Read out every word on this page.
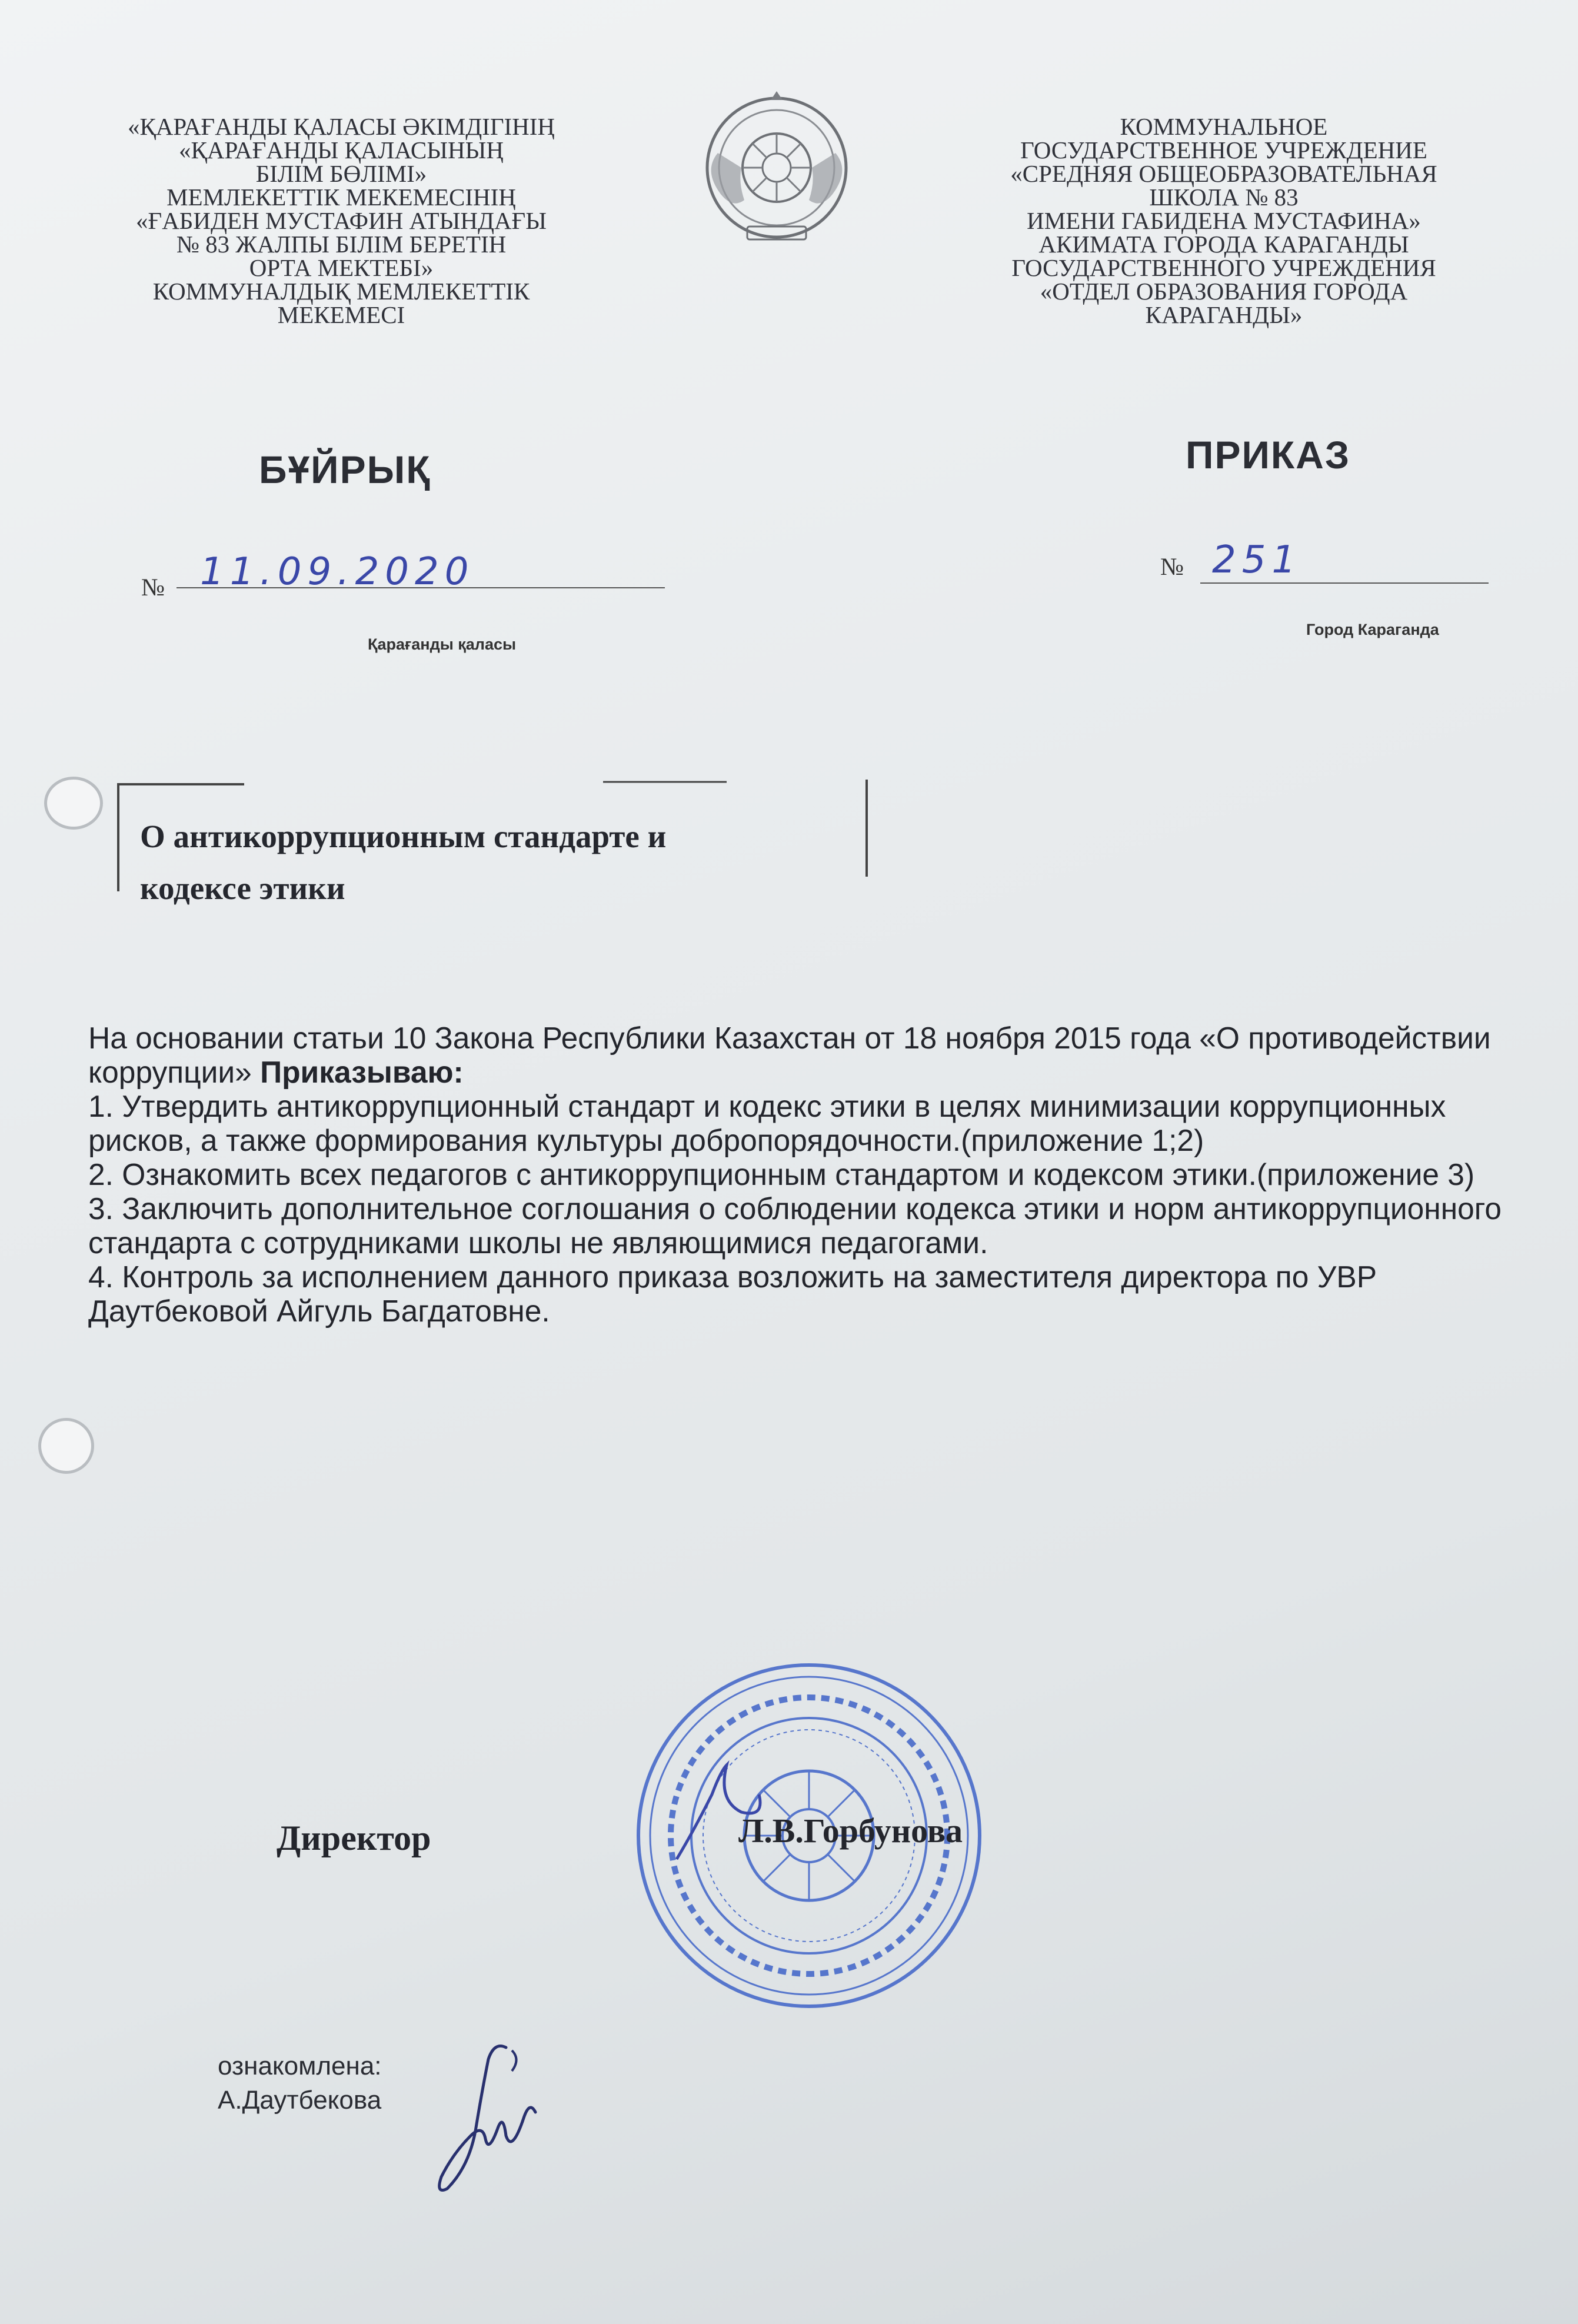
«ҚАРАҒАНДЫ ҚАЛАСЫ ӘКІМДІГІНІҢ
«ҚАРАҒАНДЫ ҚАЛАСЫНЫҢ
БІЛІМ БӨЛІМІ»
МЕМЛЕКЕТТІК МЕКЕМЕСІНІҢ
«ҒАБИДЕН МУСТАФИН АТЫНДАҒЫ
№ 83 ЖАЛПЫ БІЛІМ БЕРЕТІН
ОРТА МЕКТЕБІ»
КОММУНАЛДЫҚ МЕМЛЕКЕТТІК
МЕКЕМЕСІ
КОММУНАЛЬНОЕ
ГОСУДАРСТВЕННОЕ УЧРЕЖДЕНИЕ
«СРЕДНЯЯ ОБЩЕОБРАЗОВАТЕЛЬНАЯ
ШКОЛА № 83
ИМЕНИ ГАБИДЕНА МУСТАФИНА»
АКИМАТА ГОРОДА КАРАГАНДЫ
ГОСУДАРСТВЕННОГО УЧРЕЖДЕНИЯ
«ОТДЕЛ ОБРАЗОВАНИЯ ГОРОДА
КАРАГАНДЫ»
БҰЙРЫҚ	ПРИКАЗ
№ 11.09.2020
Қарағанды қаласы
№ 251
Город Караганда
О антикоррупционным стандарте и
кодексе этики

На основании статьи 10 Закона Республики Казахстан от 18 ноября 2015 года «О противодействии коррупции» Приказываю:

1. Утвердить антикоррупционный стандарт и кодекс этики в целях минимизации коррупционных рисков, а также формирования культуры добропорядочности.(приложение 1;2)

2. Ознакомить всех педагогов с антикоррупционным стандартом и кодексом этики.(приложение 3)

3. Заключить дополнительное соглошания о соблюдении кодекса этики и норм антикоррупционного стандарта с сотрудниками школы не являющимися педагогами.

4. Контроль за исполнением данного приказа возложить на заместителя директора по УВР Даутбековой Айгуль Багдатовне.

Директор	Л.В.Горбунова
ознакомлена:
А.Даутбекова
